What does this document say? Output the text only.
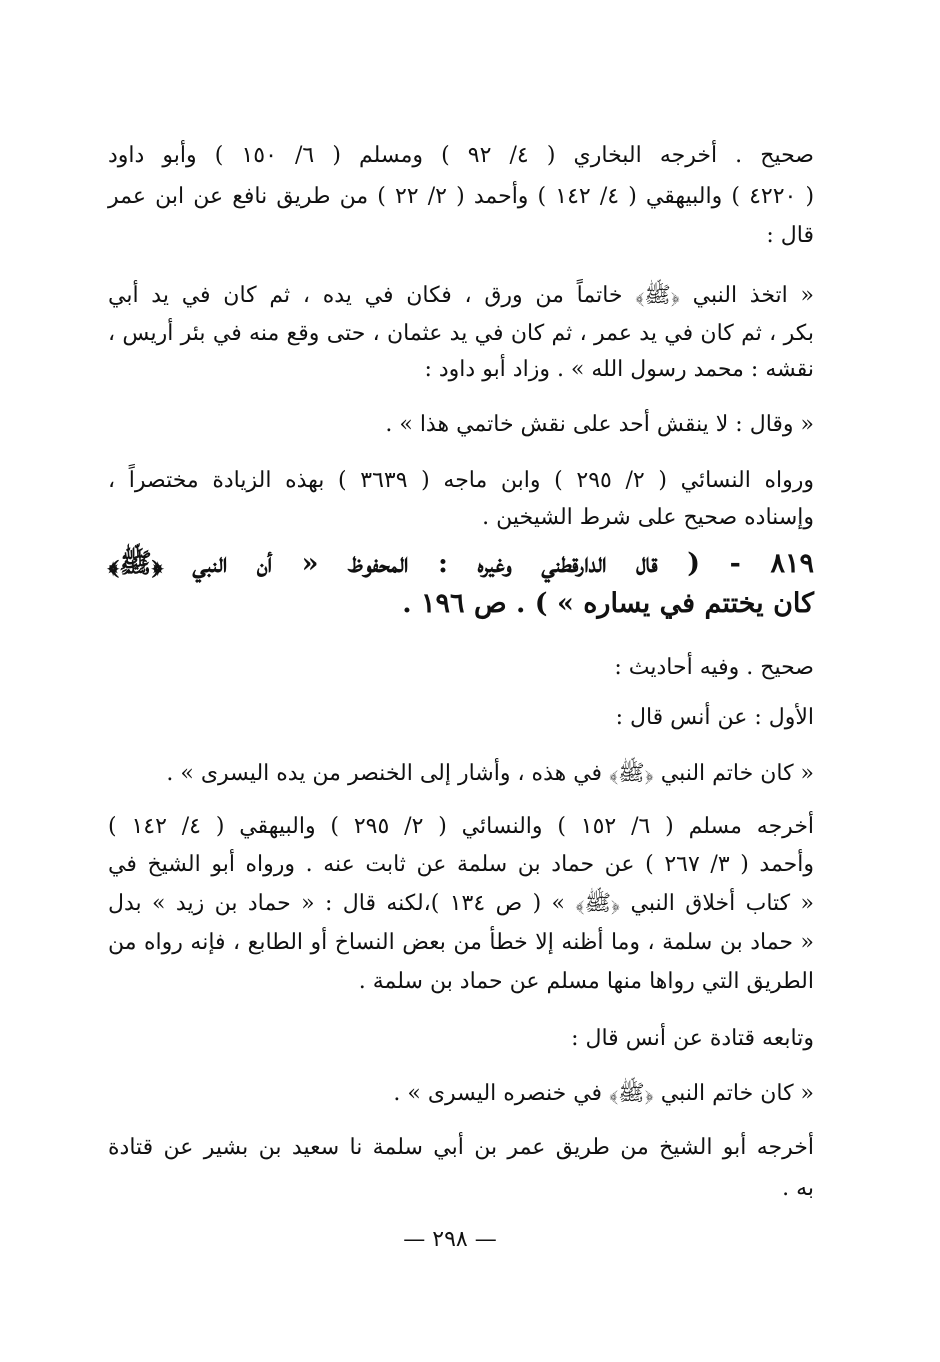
صحيح . أخرجه البخاري ( ٤/ ٩٢ ) ومسلم ( ٦/ ١٥٠ ) وأبو داود
( ٤٢٢٠ ) والبيهقي ( ٤/ ١٤٢ ) وأحمد ( ٢/ ٢٢ ) من طريق نافع عن ابن عمر
قال :
« اتخذ النبي ﴿ﷺ﴾ خاتماً من ورق ، فكان في يده ، ثم كان في يد أبي
بكر ، ثم كان في يد عمر ، ثم كان في يد عثمان ، حتى وقع منه في بئر أريس ،
نقشه : محمد رسول الله » . وزاد أبو داود :
« وقال : لا ينقش أحد على نقش خاتمي هذا » .
ورواه النسائي ( ٢/ ٢٩٥ ) وابن ماجه ( ٣٦٣٩ ) بهذه الزيادة مختصراً ،
وإسناده صحيح على شرط الشيخين .
٨١٩ - ( قال الدارقطني وغيره : المحفوظ « أن النبي ﴿ﷺ﴾
كان يختتم في يساره » ) . ص ١٩٦ .
صحيح . وفيه أحاديث :
الأول : عن أنس قال :
« كان خاتم النبي ﴿ﷺ﴾ في هذه ، وأشار إلى الخنصر من يده اليسرى » .
أخرجه مسلم ( ٦/ ١٥٢ ) والنسائي ( ٢/ ٢٩٥ ) والبيهقي ( ٤/ ١٤٢ )
وأحمد ( ٣/ ٢٦٧ ) عن حماد بن سلمة عن ثابت عنه . ورواه أبو الشيخ في
« كتاب أخلاق النبي ﴿ﷺ﴾ » ( ص ١٣٤ )،لكنه قال : « حماد بن زيد » بدل
« حماد بن سلمة ، وما أظنه إلا خطأ من بعض النساخ أو الطابع ، فإنه رواه من
الطريق التي رواها منها مسلم عن حماد بن سلمة .
وتابعه قتادة عن أنس قال :
« كان خاتم النبي ﴿ﷺ﴾ في خنصره اليسرى » .
أخرجه أبو الشيخ من طريق عمر بن أبي سلمة نا سعيد بن بشير عن قتادة
به .
— ٢٩٨ —
